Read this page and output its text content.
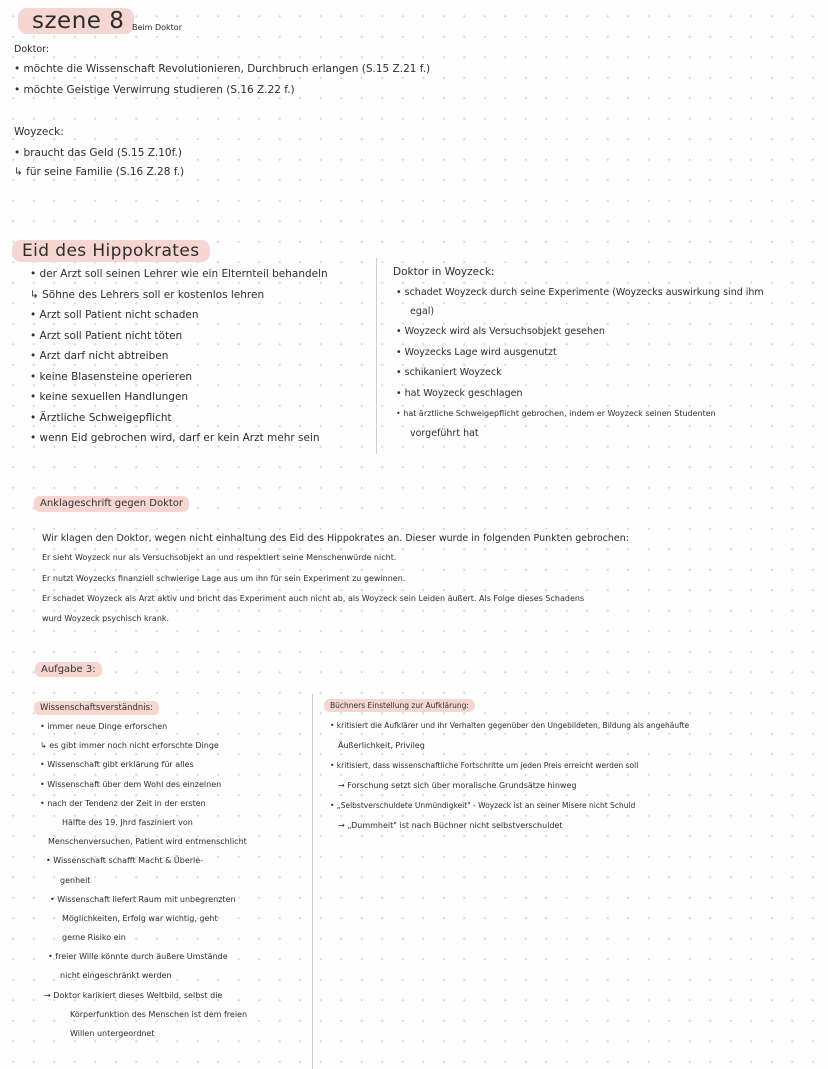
szene 8 Beim Doktor
Doktor:
• möchte die Wissenschaft Revolutionieren, Durchbruch erlangen (S.15 Z.21 f.)
• möchte Geistige Verwirrung studieren (S.16 Z.22 f.)
Woyzeck:
• braucht das Geld (S.15 Z.10f.)
↳ für seine Familie (S.16 Z.28 f.)
Eid des Hippokrates
• der Arzt soll seinen Lehrer wie ein Elternteil behandeln
↳ Söhne des Lehrers soll er kostenlos lehren
• Arzt soll Patient nicht schaden
• Arzt soll Patient nicht töten
• Arzt darf nicht abtreiben
• keine Blasensteine operieren
• keine sexuellen Handlungen
• Ärztliche Schweigepflicht
• wenn Eid gebrochen wird, darf er kein Arzt mehr sein
Doktor in Woyzeck:
• schadet Woyzeck durch seine Experimente (Woyzecks auswirkung sind ihm
egal)
• Woyzeck wird als Versuchsobjekt gesehen
• Woyzecks Lage wird ausgenutzt
• schikaniert Woyzeck
• hat Woyzeck geschlagen
• hat ärztliche Schweigepflicht gebrochen, indem er Woyzeck seinen Studenten
vorgeführt hat
Anklageschrift gegen Doktor
Wir klagen den Doktor, wegen nicht einhaltung des Eid des Hippokrates an. Dieser wurde in folgenden Punkten gebrochen:
Er sieht Woyzeck nur als Versuchsobjekt an und respektiert seine Menschenwürde nicht.
Er nutzt Woyzecks finanziell schwierige Lage aus um ihn für sein Experiment zu gewinnen.
Er schadet Woyzeck als Arzt aktiv und bricht das Experiment auch nicht ab, als Woyzeck sein Leiden äußert. Als Folge dieses Schadens
wurd Woyzeck psychisch krank.
Aufgabe 3:
Wissenschaftsverständnis:
• immer neue Dinge erforschen
↳ es gibt immer noch nicht erforschte Dinge
• Wissenschaft gibt erklärung für alles
• Wissenschaft über dem Wohl des einzelnen
• nach der Tendenz der Zeit in der ersten
Hälfte des 19. Jhrd fasziniert von
Menschenversuchen, Patient wird entmenschlicht
• Wissenschaft schafft Macht & Überle-
genheit
• Wissenschaft liefert Raum mit unbegrenzten
Möglichkeiten, Erfolg war wichtig, geht
gerne Risiko ein
• freier Wille könnte durch äußere Umstände
nicht eingeschränkt werden
→ Doktor karikiert dieses Weltbild, selbst die
Körperfunktion des Menschen ist dem freien
Willen untergeordnet
Büchners Einstellung zur Aufklärung:
• kritisiert die Aufklärer und ihr Verhalten gegenüber den Ungebildeten, Bildung als angehäufte
Äußerlichkeit, Privileg
• kritisiert, dass wissenschaftliche Fortschritte um jeden Preis erreicht werden soll
→ Forschung setzt sich über moralische Grundsätze hinweg
• „Selbstverschuldete Unmündigkeit" - Woyzeck ist an seiner Misere nicht Schuld
→ „Dummheit" ist nach Büchner nicht selbstverschuldet
